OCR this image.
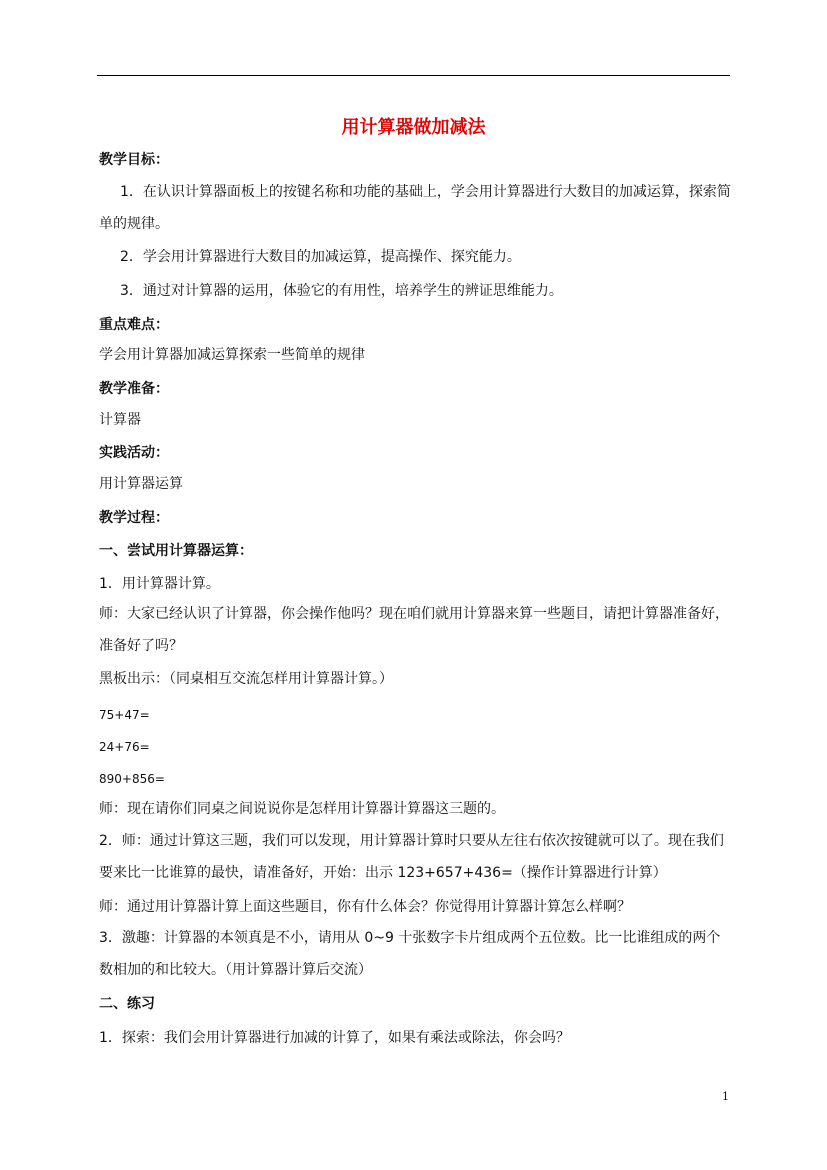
用计算器做加减法
教学目标：
1．在认识计算器面板上的按键名称和功能的基础上，学会用计算器进行大数目的加减运算，探索简单的规律。
2．学会用计算器进行大数目的加减运算，提高操作、探究能力。
3．通过对计算器的运用，体验它的有用性，培养学生的辨证思维能力。
重点难点：
学会用计算器加减运算探索一些简单的规律
教学准备：
计算器
实践活动：
用计算器运算
教学过程：
一、尝试用计算器运算：
1．用计算器计算。
师：大家已经认识了计算器，你会操作他吗？现在咱们就用计算器来算一些题目，请把计算器准备好，准备好了吗？
黑板出示：（同桌相互交流怎样用计算器计算。）
75+47=
24+76=
890+856=
师：现在请你们同桌之间说说你是怎样用计算器计算器这三题的。
2．师：通过计算这三题，我们可以发现，用计算器计算时只要从左往右依次按键就可以了。现在我们要来比一比谁算的最快，请准备好，开始：出示 123+657+436=（操作计算器进行计算）
师：通过用计算器计算上面这些题目，你有什么体会？你觉得用计算器计算怎么样啊？
3．激趣：计算器的本领真是不小，请用从 0~9 十张数字卡片组成两个五位数。比一比谁组成的两个数相加的和比较大。（用计算器计算后交流）
二、练习
1．探索：我们会用计算器进行加减的计算了，如果有乘法或除法，你会吗？
1
